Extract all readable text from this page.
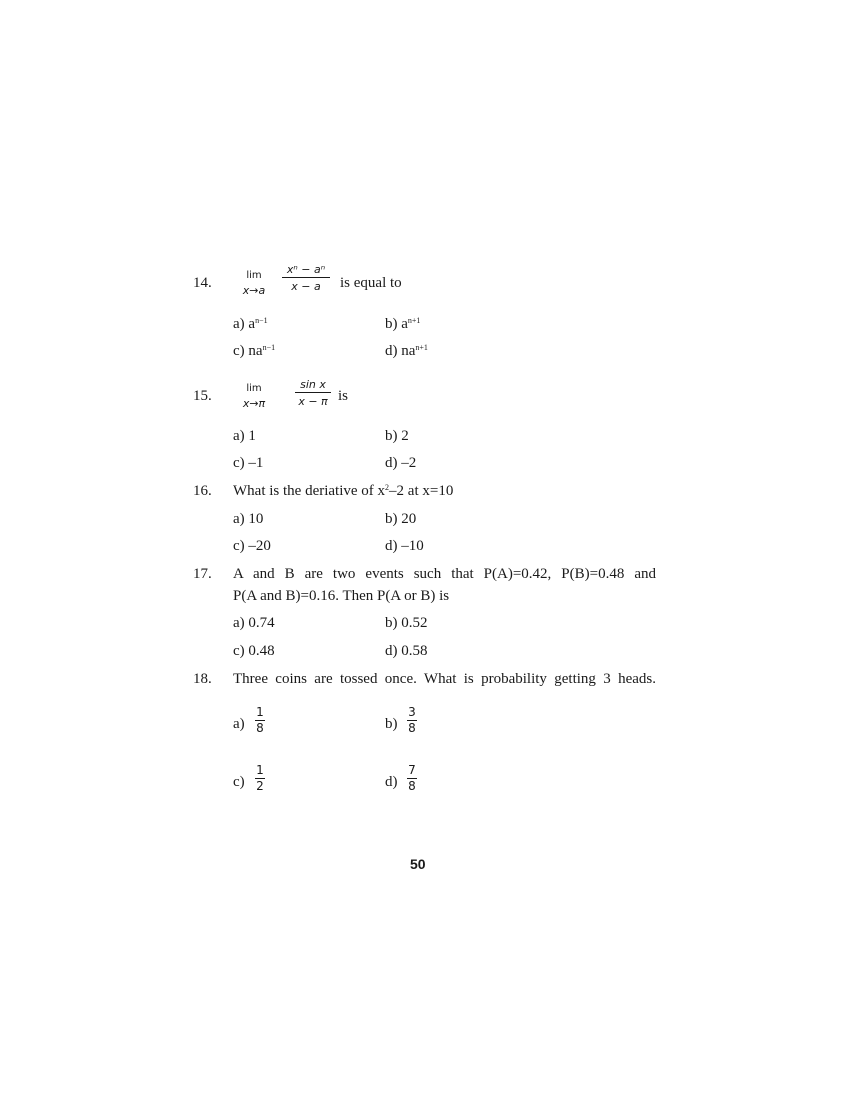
14.	lim
x→a
xⁿ − aⁿ
x − a	is equal to
a) $a^{n-1}$	b) $a^{n+1}$
c) $na^{n-1}$	d) $na^{n+1}$
15.	lim
x→π
sin x
x − π is
a) 1	b) 2
c) –1	d) –2
16. What is the deriative of $x^2-2$ at x=10
a) 10	b) 20
c) –20	d) –10
17. A and B are two events such that P(A)=0.42, P(B)=0.48 and
P(A and B)=0.16. Then P(A or B) is
a) 0.74	b) 0.52
c) 0.48	d) 0.58
18. Three coins are tossed once. What is probability getting 3 heads.
a)
1
8	b)
3
8
c)
1
2	d)
7
8
50
